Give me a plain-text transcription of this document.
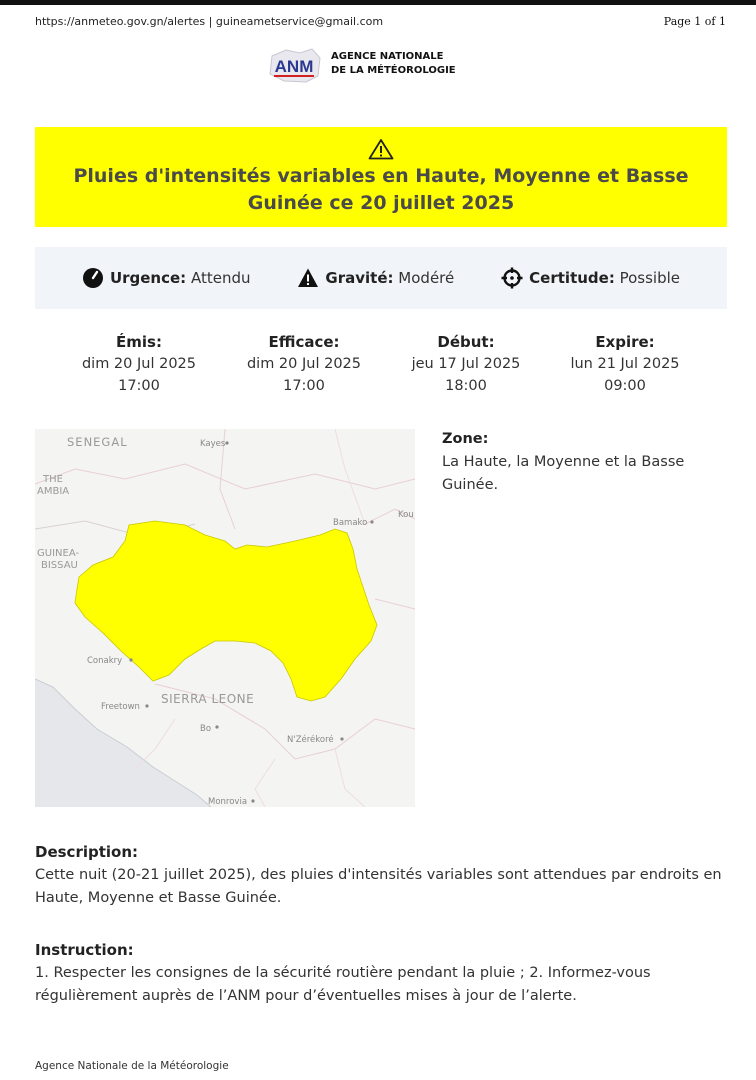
https://anmeteo.gov.gn/alertes | guineametservice@gmail.com	Page 1 of 1
ANM
AGENCE NATIONALE
DE LA MÉTÉOROLOGIE
Pluies d'intensités variables en Haute, Moyenne et Basse Guinée ce 20 juillet 2025
Urgence: Attendu	Gravité: Modéré	Certitude: Possible
Émis:
dim 20 Jul 2025
17:00
Efficace:
dim 20 Jul 2025
17:00
Début:
jeu 17 Jul 2025
18:00
Expire:
lun 21 Jul 2025
09:00
SENEGAL	Kayes
THE
AMBIA
Bamako
Kou
GUINEA-
BISSAU
Conakry
SIERRA LEONE
Freetown
Bo
N'Zérékoré
Monrovia
Zone:
La Haute, la Moyenne et la Basse Guinée.
Description:
Cette nuit (20-21 juillet 2025), des pluies d'intensités variables sont attendues par endroits en Haute, Moyenne et Basse Guinée.
Instruction:
1. Respecter les consignes de la sécurité routière pendant la pluie ; 2. Informez-vous régulièrement auprès de l’ANM pour d’éventuelles mises à jour de l’alerte.
Agence Nationale de la Météorologie
